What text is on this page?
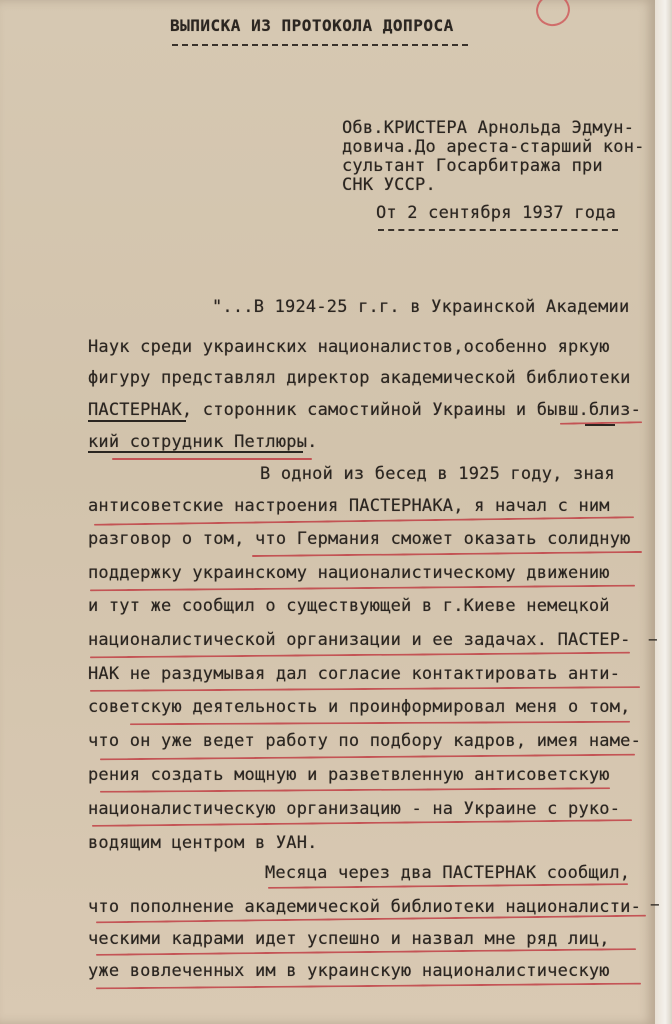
ВЫПИСКА ИЗ ПРОТОКОЛА ДОПРОСА
Обв.КРИСТЕРА Арнольда Эдмун-
довича.До ареста-старший кон-
сультант Госарбитража при
СНК УССР.
От 2 сентября 1937 года
"...В 1924-25 г.г. в Украинской Академии
Наук среди украинских националистов,особенно яркую
фигуру представлял директор академической библиотеки
ПАСТЕРНАК, сторонник самостийной Украины и бывш.близ-
кий сотрудник Петлюры.
В одной из бесед в 1925 году, зная
антисоветские настроения ПАСТЕРНАКА, я начал с ним
разговор о том, что Германия сможет оказать солидную
поддержку украинскому националистическому движению
и тут же сообщил о существующей в г.Киеве немецкой
националистической организации и ее задачах. ПАСТЕР-
НАК не раздумывая дал согласие контактировать анти-
советскую деятельность и проинформировал меня о том,
что он уже ведет работу по подбору кадров, имея наме-
рения создать мощную и разветвленную антисоветскую
националистическую организацию - на Украине с руко-
водящим центром в УАН.
Месяца через два ПАСТЕРНАК сообщил,
что пополнение академической библиотеки националисти-
ческими кадрами идет успешно и назвал мне ряд лиц,
уже вовлеченных им в украинскую националистическую
−
−
